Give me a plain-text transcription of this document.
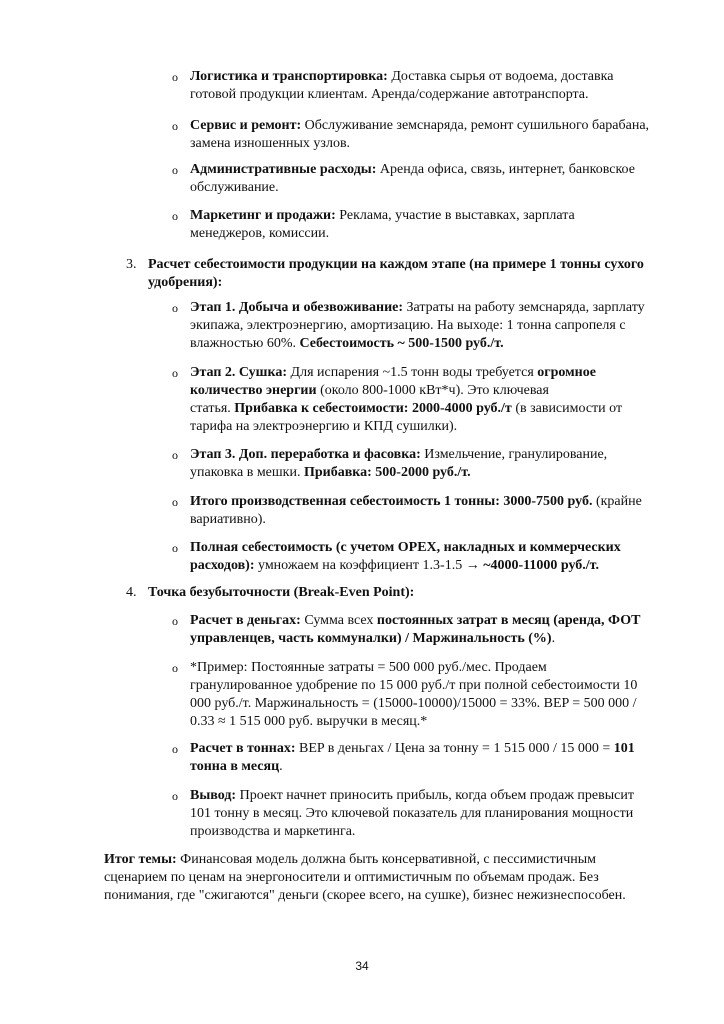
o Логистика и транспортировка: Доставка сырья от водоема, доставка
готовой продукции клиентам. Аренда/содержание автотранспорта.
o Сервис и ремонт: Обслуживание земснаряда, ремонт сушильного барабана,
замена изношенных узлов.
o Административные расходы: Аренда офиса, связь, интернет, банковское
обслуживание.
o Маркетинг и продажи: Реклама, участие в выставках, зарплата
менеджеров, комиссии.
3. Расчет себестоимости продукции на каждом этапе (на примере 1 тонны сухого
удобрения):
o Этап 1. Добыча и обезвоживание: Затраты на работу земснаряда, зарплату
экипажа, электроэнергию, амортизацию. На выходе: 1 тонна сапропеля с
влажностью 60%. Себестоимость ~ 500-1500 руб./т.
o Этап 2. Сушка: Для испарения ~1.5 тонн воды требуется огромное
количество энергии (около 800-1000 кВт*ч). Это ключевая
статья. Прибавка к себестоимости: 2000-4000 руб./т (в зависимости от
тарифа на электроэнергию и КПД сушилки).
o Этап 3. Доп. переработка и фасовка: Измельчение, гранулирование,
упаковка в мешки. Прибавка: 500-2000 руб./т.
o Итого производственная себестоимость 1 тонны: 3000-7500 руб. (крайне
вариативно).
o Полная себестоимость (с учетом OPEX, накладных и коммерческих
расходов): умножаем на коэффициент 1.3-1.5 → ~4000-11000 руб./т.
4. Точка безубыточности (Break-Even Point):
o Расчет в деньгах: Сумма всех постоянных затрат в месяц (аренда, ФОТ
управленцев, часть коммуналки) / Маржинальность (%).
o *Пример: Постоянные затраты = 500 000 руб./мес. Продаем
гранулированное удобрение по 15 000 руб./т при полной себестоимости 10
000 руб./т. Маржинальность = (15000-10000)/15000 = 33%. BEP = 500 000 /
0.33 ≈ 1 515 000 руб. выручки в месяц.*
o Расчет в тоннах: BEP в деньгах / Цена за тонну = 1 515 000 / 15 000 = 101
тонна в месяц.
o Вывод: Проект начнет приносить прибыль, когда объем продаж превысит
101 тонну в месяц. Это ключевой показатель для планирования мощности
производства и маркетинга.
Итог темы: Финансовая модель должна быть консервативной, с пессимистичным
сценарием по ценам на энергоносители и оптимистичным по объемам продаж. Без
понимания, где "сжигаются" деньги (скорее всего, на сушке), бизнес нежизнеспособен.
34
